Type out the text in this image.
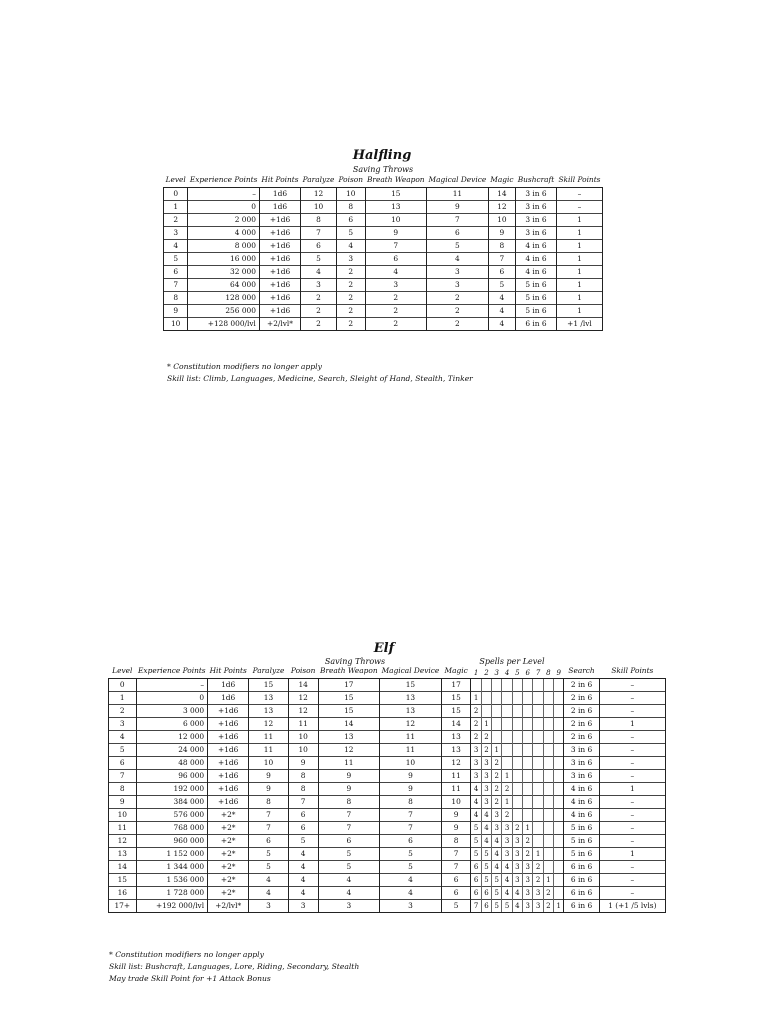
Halfling
Saving Throws
Level	Experience Points	Hit Points	Paralyze	Poison	Breath Weapon	Magical Device	Magic	Bushcraft	Skill Points
0	–	1d6	12	10	15	11	14	3 in 6	–
1	0	1d6	10	8	13	9	12	3 in 6	–
2	2 000	+1d6	8	6	10	7	10	3 in 6	1
3	4 000	+1d6	7	5	9	6	9	3 in 6	1
4	8 000	+1d6	6	4	7	5	8	4 in 6	1
5	16 000	+1d6	5	3	6	4	7	4 in 6	1
6	32 000	+1d6	4	2	4	3	6	4 in 6	1
7	64 000	+1d6	3	2	3	3	5	5 in 6	1
8	128 000	+1d6	2	2	2	2	4	5 in 6	1
9	256 000	+1d6	2	2	2	2	4	5 in 6	1
10	+128 000/lvl	+2/lvl*	2	2	2	2	4	6 in 6	+1 /lvl
* Constitution modifiers no longer apply
Skill list: Climb, Languages, Medicine, Search, Sleight of Hand, Stealth, Tinker
Elf
Saving Throws	Spells per Level
Level	Experience Points	Hit Points	Paralyze	Poison	Breath Weapon	Magical Device	Magic	1	2	3	4	5	6	7	8	9	Search	Skill Points
0	–	1d6	15	14	17	15	17										2 in 6	–
1	0	1d6	13	12	15	13	15	1									2 in 6	–
2	3 000	+1d6	13	12	15	13	15	2									2 in 6	–
3	6 000	+1d6	12	11	14	12	14	2	1								2 in 6	1
4	12 000	+1d6	11	10	13	11	13	2	2								2 in 6	–
5	24 000	+1d6	11	10	12	11	13	3	2	1							3 in 6	–
6	48 000	+1d6	10	9	11	10	12	3	3	2							3 in 6	–
7	96 000	+1d6	9	8	9	9	11	3	3	2	1						3 in 6	–
8	192 000	+1d6	9	8	9	9	11	4	3	2	2						4 in 6	1
9	384 000	+1d6	8	7	8	8	10	4	3	2	1						4 in 6	–
10	576 000	+2*	7	6	7	7	9	4	4	3	2						4 in 6	–
11	768 000	+2*	7	6	7	7	9	5	4	3	3	2	1				5 in 6	–
12	960 000	+2*	6	5	6	6	8	5	4	4	3	3	2				5 in 6	–
13	1 152 000	+2*	5	4	5	5	7	5	5	4	3	3	2	1			5 in 6	1
14	1 344 000	+2*	5	4	5	5	7	6	5	4	4	3	3	2			6 in 6	–
15	1 536 000	+2*	4	4	4	4	6	6	5	5	4	3	3	2	1		6 in 6	–
16	1 728 000	+2*	4	4	4	4	6	6	6	5	4	4	3	3	2		6 in 6	–
17+	+192 000/lvl	+2/lvl*	3	3	3	3	5	7	6	5	5	4	3	3	2	1	6 in 6	1 (+1 /5 lvls)
* Constitution modifiers no longer apply
Skill list: Bushcraft, Languages, Lore, Riding, Secondary, Stealth
May trade Skill Point for +1 Attack Bonus
